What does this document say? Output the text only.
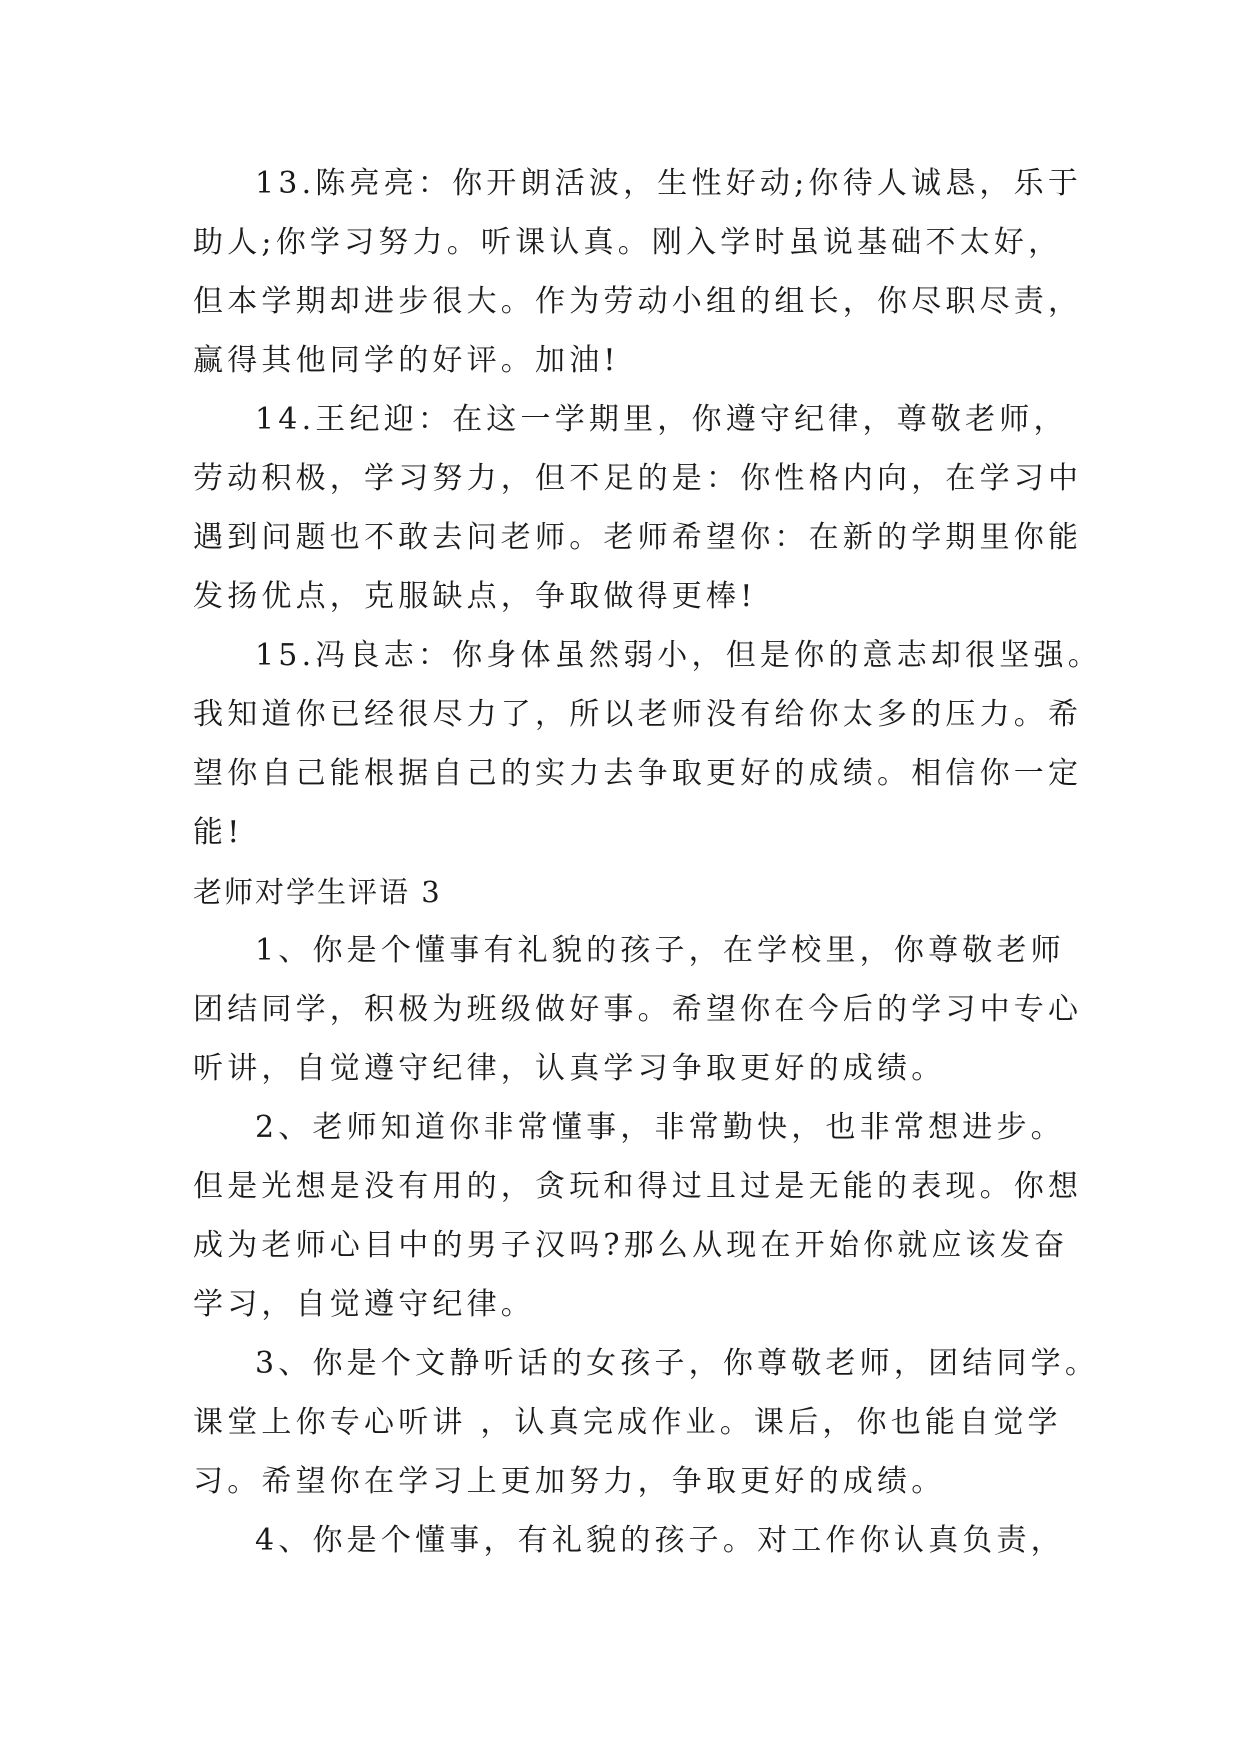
13.陈亮亮：你开朗活波，生性好动;你待人诚恳，乐于
助人;你学习努力。听课认真。刚入学时虽说基础不太好，
但本学期却进步很大。作为劳动小组的组长，你尽职尽责，
赢得其他同学的好评。加油!
14.王纪迎：在这一学期里，你遵守纪律，尊敬老师，
劳动积极，学习努力，但不足的是：你性格内向，在学习中
遇到问题也不敢去问老师。老师希望你：在新的学期里你能
发扬优点，克服缺点，争取做得更棒!
15.冯良志：你身体虽然弱小，但是你的意志却很坚强。
我知道你已经很尽力了，所以老师没有给你太多的压力。希
望你自己能根据自己的实力去争取更好的成绩。相信你一定
能!
老师对学生评语 3
1、你是个懂事有礼貌的孩子，在学校里，你尊敬老师
团结同学，积极为班级做好事。希望你在今后的学习中专心
听讲，自觉遵守纪律，认真学习争取更好的成绩。
2、老师知道你非常懂事，非常勤快，也非常想进步。
但是光想是没有用的，贪玩和得过且过是无能的表现。你想
成为老师心目中的男子汉吗?那么从现在开始你就应该发奋
学习，自觉遵守纪律。
3、你是个文静听话的女孩子，你尊敬老师，团结同学。
课堂上你专心听讲 ，认真完成作业。课后，你也能自觉学
习。希望你在学习上更加努力，争取更好的成绩。
4、你是个懂事，有礼貌的孩子。对工作你认真负责，
